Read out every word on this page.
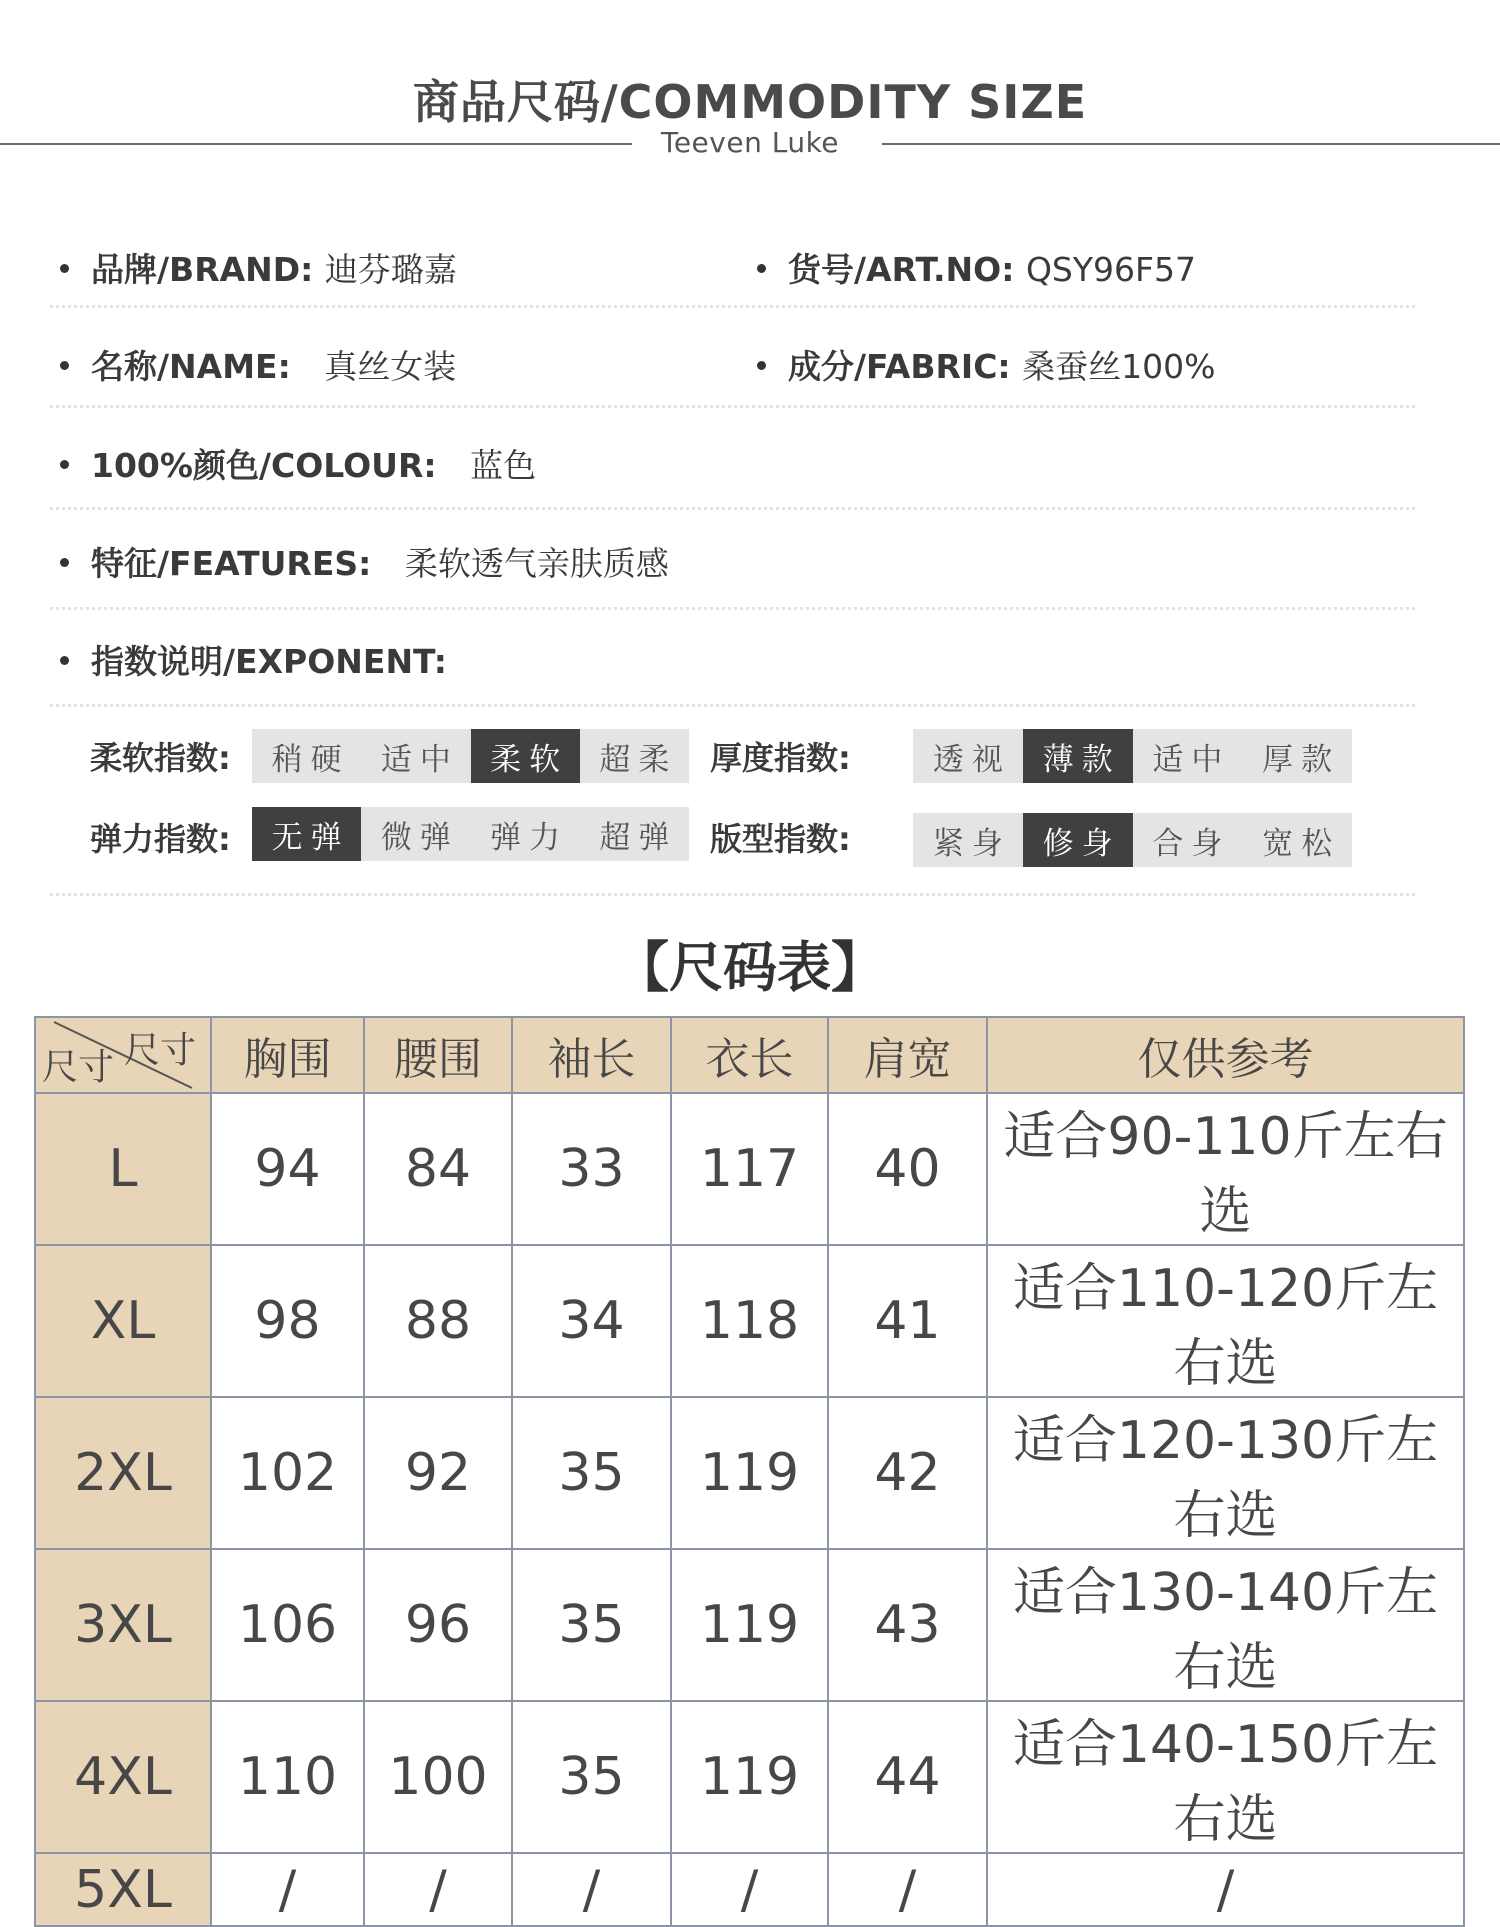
商品尺码/COMMODITY SIZE
Teeven Luke
品牌/BRAND: 迪芬璐嘉	货号/ART.NO: QSY96F57
名称/NAME: 真丝女装	成分/FABRIC: 桑蚕丝100%
100%颜色/COLOUR: 蓝色
特征/FEATURES: 柔软透气亲肤质感
指数说明/EXPONENT:
柔软指数:	稍硬	适中	柔软	超柔	厚度指数:	透视	薄款	适中	厚款
弹力指数:	无弹	微弹	弹力	超弹	版型指数:	紧身	修身	合身	宽松
【尺码表】
尺寸
尺寸	胸围	腰围	袖长	衣长	肩宽	仅供参考
L	94	84	33	117	40	适合90-110斤左右选
XL	98	88	34	118	41	适合110-120斤左右选
2XL	102	92	35	119	42	适合120-130斤左右选
3XL	106	96	35	119	43	适合130-140斤左右选
4XL	110	100	35	119	44	适合140-150斤左右选
5XL	/	/	/	/	/	/
